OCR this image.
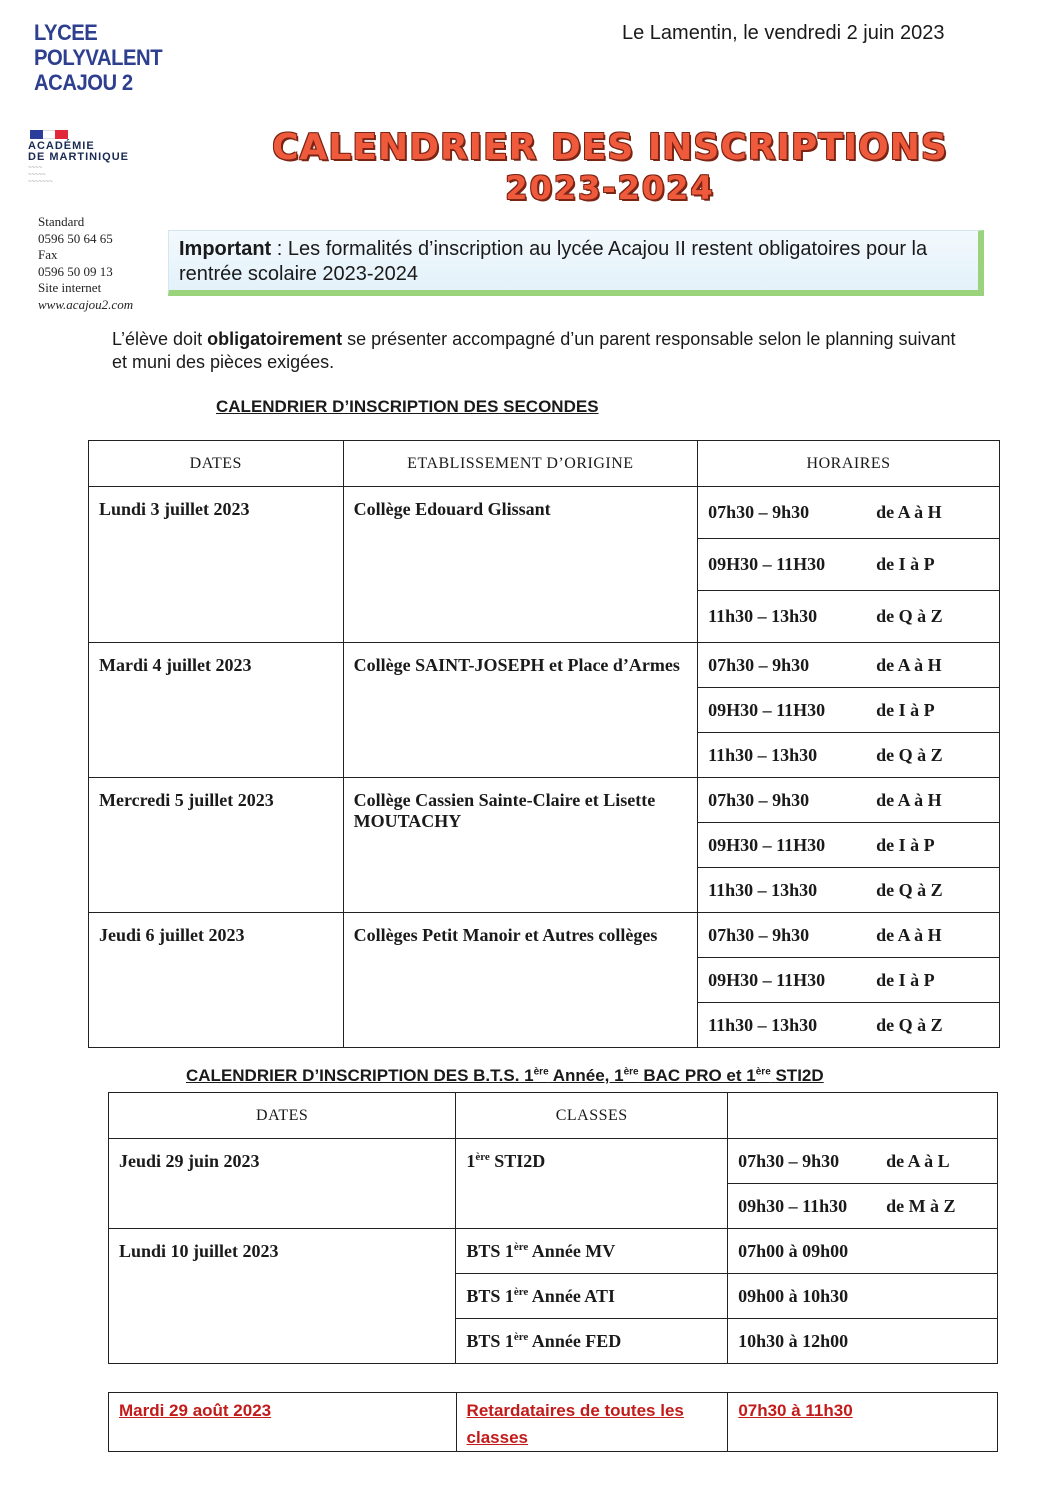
LYCEE
POLYVALENT
ACAJOU 2
Le Lamentin, le vendredi 2 juin 2023
ACADÉMIE
DE MARTINIQUE
~~~~
~~~~~
~~~~~~~
Standard
0596 50 64 65
Fax
0596 50 09 13
Site internet
www.acajou2.com
CALENDRIER DES INSCRIPTIONS
2023-2024
Important : Les formalités d’inscription au lycée Acajou II restent obligatoires pour la rentrée scolaire 2023-2024
L’élève doit obligatoirement se présenter accompagné d’un parent responsable selon le planning suivant et muni des pièces exigées.
CALENDRIER D’INSCRIPTION DES SECONDES
DATES	ETABLISSEMENT D’ORIGINE	HORAIRES
Lundi 3 juillet 2023	Collège Edouard Glissant	07h30 – 9h30 de A à H
		09H30 – 11H30 de I à P
		11h30 – 13h30 de Q à Z
Mardi 4 juillet 2023	Collège SAINT-JOSEPH et Place d’Armes	07h30 – 9h30 de A à H
		09H30 – 11H30 de I à P
		11h30 – 13h30 de Q à Z
Mercredi 5 juillet 2023	Collège Cassien Sainte-Claire et Lisette MOUTACHY	07h30 – 9h30 de A à H
		09H30 – 11H30 de I à P
		11h30 – 13h30 de Q à Z
Jeudi 6 juillet 2023	Collèges Petit Manoir et Autres collèges	07h30 – 9h30 de A à H
		09H30 – 11H30 de I à P
		11h30 – 13h30 de Q à Z
CALENDRIER D’INSCRIPTION DES B.T.S. 1ère Année, 1ère BAC PRO et 1ère STI2D
DATES	CLASSES	
Jeudi 29 juin 2023	1ère STI2D	07h30 – 9h30 de A à L
		09h30 – 11h30 de M à Z
Lundi 10 juillet 2023	BTS 1ère Année MV	07h00 à 09h00
	BTS 1ère Année ATI	09h00 à 10h30
	BTS 1ère Année FED	10h30 à 12h00
Mardi 29 août 2023	Retardataires de toutes les classes	07h30 à 11h30
